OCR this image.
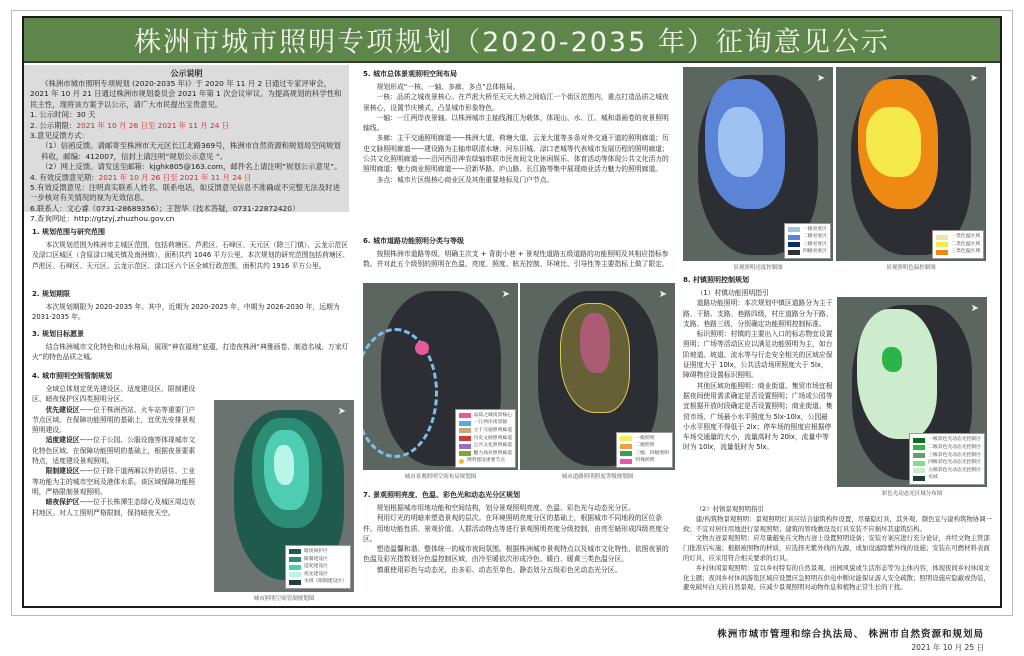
株洲市城市照明专项规划（2020-2035 年）征询意见公示
公示说明

《株洲市城市照明专项规划 (2020-2035 年)》于 2020 年 11 月 2 日通过专家评审会，2021 年 10 月 21 日通过株洲市规划委员会 2021 年第 1 次会议审议。为提高规划的科学性和民主性，现将该方案予以公示，请广大市民提出宝贵意见。

1. 公示时间：30 天
2. 公示期限：2021 年 10 月 26 日至 2021 年 11 月 24 日
3.意见反馈方式：
（1）信函反馈。请邮寄至株洲市天元区长江北路369号，株洲市自然资源和规划局空间规划科收，邮编：412007，信封上请注明”规划公示意见 ”。
（2）网上反馈。请发送至邮箱：kjghk805@163.com，邮件名上请注明”规划公示意见”。
4. 有效反馈意见期：2021 年 10 月 26 日至 2021 年 11 月 24 日
5.有效反馈意见：注明真实联系人姓名、联系电话，如反馈意见信息不准确或不完整无法及时进一步核对有关情况的视为无效信息。
6.联系人：文心睿（0731-28689356）；王智华（技术答疑，0731-22872420）
7.查询网址：http://gtzyj.zhuzhou.gov.cn
1. 规划范围与研究范围

本次规划范围为株洲市主城区范围，包括荷塘区、芦淞区、石峰区、天元区（除三门镇）、云龙示范区及渌口区城区（含原渌口城关镇及南洲镇），面积共约 1046 平方公里。本次规划的研究范围包括荷塘区、芦淞区、石峰区、天元区、云龙示范区、渌口区六个区全域行政范围，面积共约 1916 平方公里。

2. 规划期限

本次规划期限为 2020-2035 年。其中，近期为 2020-2025 年，中期为 2026-2030 年，远期为 2031-2035 年。

3. 规划目标愿景

结合株洲城市文化特色和山水格局，展现“神农福地”底蕴，打造夜株洲“典雅画卷、制造名城、万家灯火”的特色品质之城。

4. 城市照明空间管制规划

全域总体划定优先建设区、适度建设区、限制建设区、暗夜保护区四类照明分区。

优先建设区——位于株洲西站、火车站等重要门户节点区域。在保障功能照明的基础上，宜优先安排景观照明建设。

适度建设区——位于公园、公服设施等体现城市文化特色区域。在保障功能照明的基础上，根据夜景要素特点，适度建设景观照明。

限制建设区——位于除干道两厢以外的居住、工业等功能为主的城市空间及港体水系。该区域保障功能照明，严格限制景观照明。

暗夜保护区——位于长株潭生态绿心及城区周边农村地区。对人工照明严格限制，保持暗夜天空。

➤
暗夜保护区
限制建设区
适度建设区
优先建设区
水域（限制建设区）
城市照明空间管制规划图
5. 城市总体景观照明空间布局

规划形成“一核、一轴、多廊、多点”总体格局。

一核：品质之城夜景核心。在芦淞大桥至天元大桥之间临江一个街区范围内，重点打造品质之城夜景核心，设置节庆模式，凸显城市形象特色。

一轴：一江两岸夜景轴。以株洲城市主轴线湘江为载体，体现山、水、江、城和谐画卷的夜景照明轴线。

多廊：主干交通照明廊道——株洲大道、荷塘大道、云龙大道等多条对外交通干道的照明廊道；历史文脉照明廊道——建设路为主轴串联清水塘、河东旧城、渌口老城等代表城市发展历程的照明廊道；公共文化照明廊道——沿河西沿神农绿轴串联市民夜间文化休闲娱乐、体育活动等体现公共文化活力的照明廊道；魅力商业照明廊道——沿新华路、庐山路、长江路等集中展现商业活力魅力的照明廊道。

多点：城市片区级核心商业区及其他重要地标及门户节点。

6. 城市道路功能照明分类与等级

按照株洲市道路等级，明确主次支 + 背街小巷 + 景观性道路五级道路的功能照明及其相应指标参数。并对此五个级别的照明在色温、亮度、照度、眩光控制、环境比、引导性等主要指标上做了限定。

➤
品质之城夜景核心
一江两岸夜景轴
主干交通照明廊道
历史文脉照明廊道
公共文化照明廊道
魅力商业照明廊道
照明建设重要节点
城市景观照明空间布局规划图
➤
一级照明
二级照明
三级、四级照明
特殊照明
城市道路照明照度等级规划图
7. 景观照明亮度、色温、彩色光和动态光分区规划

规划根据城市用地功能和空间结构，划分景观照明亮度、色温、彩色光与动态光分区。

利用灯光的明暗来塑造景观的层次。在环境照明亮度分区的基础上，根据城市不同地段的区位条件、用地功能性质、景观价值、人群活动特点等进行景观照明亮度分级控制，由亮至暗形成四级亮度分区。

塑造温馨和谐、整体统一的城市夜间氛围。根据株洲城市景观特点以及城市文化特性，依照夜景的色温及彩光指数划分色温控制区域，由冷至暖依次形成冷色、暖白、暖黄三类色温分区。

慎重使用彩色与动态光，由多彩、动态至单色、静态划分五级彩色光动态光分区。

➤
一级亮度区
二级亮度区
三级亮度区
四级亮度区
景观照明亮度控制图
➤
一类色温区域
二类色温区域
三类色温区域
景观照明色温控制图
8. 村镇照明控制规划

（1）村镇功能照明指引

道路功能照明：本次规划中镇区道路分为主干路、干路、支路、巷路四级，村庄道路分为干路、支路、巷路三级，分别确定功能照明控制标准。

标识照明：村镇的主要出入口的标志物宜设置照明；广场等活动区应以满足功能照明为主，如台阶坡道、坡道、流水等与行走安全相关的区域应保证照度大于 10lx，公共活动场所照度大于 5lx，障碍物应设置标识照明。

其他区域功能照明：商业街道、集贸市场宜根据夜间使用需求确定是否设置照明；广场或公园等宜根据开放时段确定是否设置照明；商业街道、集贸市场、广场最小水平照度为 5lx-10lx，公园最小水平照度不得低于 2lx；停车场的照度应根据停车场交通量的大小，流量高时为 20lx，流量中等时为 10lx，流量低时为 5lx。

➤
一级彩色光动态光控制区
二级彩色光动态光控制区
三级彩色光动态光控制区
四级彩色光动态光控制区
五级彩色光动态光控制区
水域
彩色光动态光区域分布图

（2）村镇景观照明指引

建/构筑物景观照明：景观照明灯具应结合建筑构件设置，尽量隐灯具，其外观、颜色宜与建构筑物协调一致；不宜对居住用地进行景观照明；建筑的管线敷设及灯具安装不应损坏其建筑结构。

文物古迹景观照明：应尽量避免在文物古迹上设置照明设备；安装方案应进行充分论证，并经文物主管部门批准后实施；根据被照物的材质，应选择无紫外线的光源，或加设滤除紫外线的设施；安装在可燃材料表面的灯具，应采用符合相关要求的灯具。

乡村休闲景观照明：宜以乡村特有的自然景观、田园风貌或生活形态等为主体内容，体现夜间乡村休闲文化主题；夜间乡村休闲游览区域应设置应急照明在供电中断时能保证游人安全疏散；照明设施应隐蔽或伪装，避免破坏白天的自然景观，应减少景观照明对动物作息和植物正常生长的干扰。

株洲市城市管理和综合执法局、 株洲市自然资源和规划局
2021 年 10 月 25 日
